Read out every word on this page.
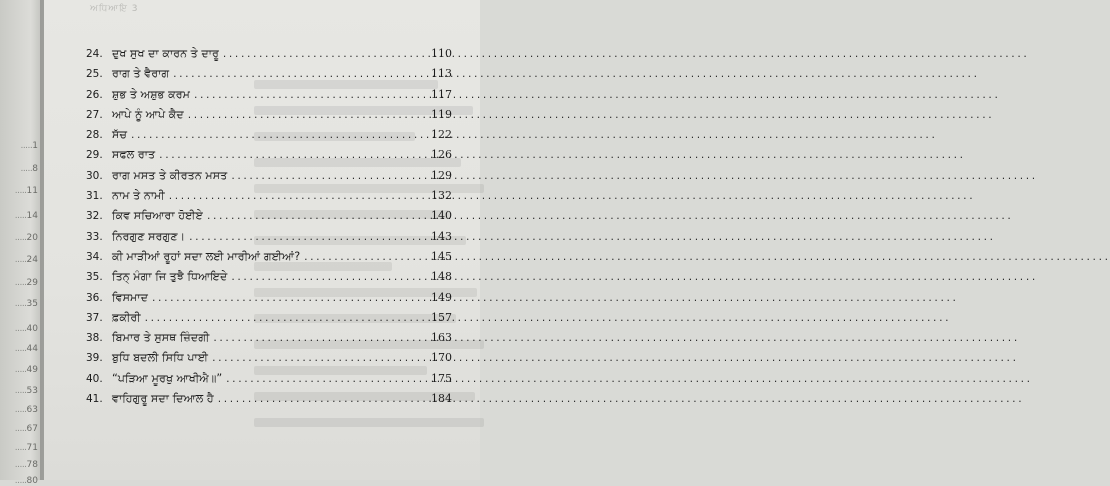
.....1
.....8
.....11
.....14
.....20
.....24
.....29
.....35
.....40
.....44
.....49
.....53
.....63
.....67
.....71
.....78
.....80
ਅਧਿਆਇ 3
24. ਦੁਖ ਸੁਖ ਦਾ ਕਾਰਨ ਤੇ ਦਾਰੂ .....	110
25. ਰਾਗ ਤੇ ਵੈਰਾਗ .....	113
26. ਸ਼ੁਭ ਤੇ ਅਸ਼ੁਭ ਕਰਮ .....	117
27. ਆਪੇ ਨੂੰ ਆਪੇ ਕੈਦ .....	119
28. ਸੱਚ .....	122
29. ਸਫਲ ਰਾਤ .....	126
30. ਰਾਗ ਮਸਤ ਤੇ ਕੀਰਤਨ ਮਸਤ .....	129
31. ਨਾਮ ਤੇ ਨਾਮੀ .....	132
32. ਕਿਵ ਸਚਿਆਰਾ ਹੋਈਏ .....	140
33. ਨਿਰਗੁਣ ਸਰਗੁਣ। .....	143
34. ਕੀ ਮਾੜੀਆਂ ਰੂਹਾਂ ਸਦਾ ਲਈ ਮਾਰੀਆਂ ਗਈਆਂ? .....	145
35. ਤਿਨ੍ ਮੰਗਾ ਜਿ ਤੁਝੈ ਧਿਆਇਦੇ .....	148
36. ਵਿਸਮਾਦ .....	149
37. ਫ਼ਕੀਰੀ .....	157
38. ਬਿਮਾਰ ਤੇ ਸੁਸਥ ਜ਼ਿੰਦਗੀ .....	163
39. ਬੁਧਿ ਬਦਲੀ ਸਿਧਿ ਪਾਈ .....	170
40. “ਪੜਿਆ ਮੂਰਖੁ ਆਖੀਐ॥” .....	175
41. ਵਾਹਿਗੁਰੂ ਸਦਾ ਦਿਆਲ ਹੈ .....	184
